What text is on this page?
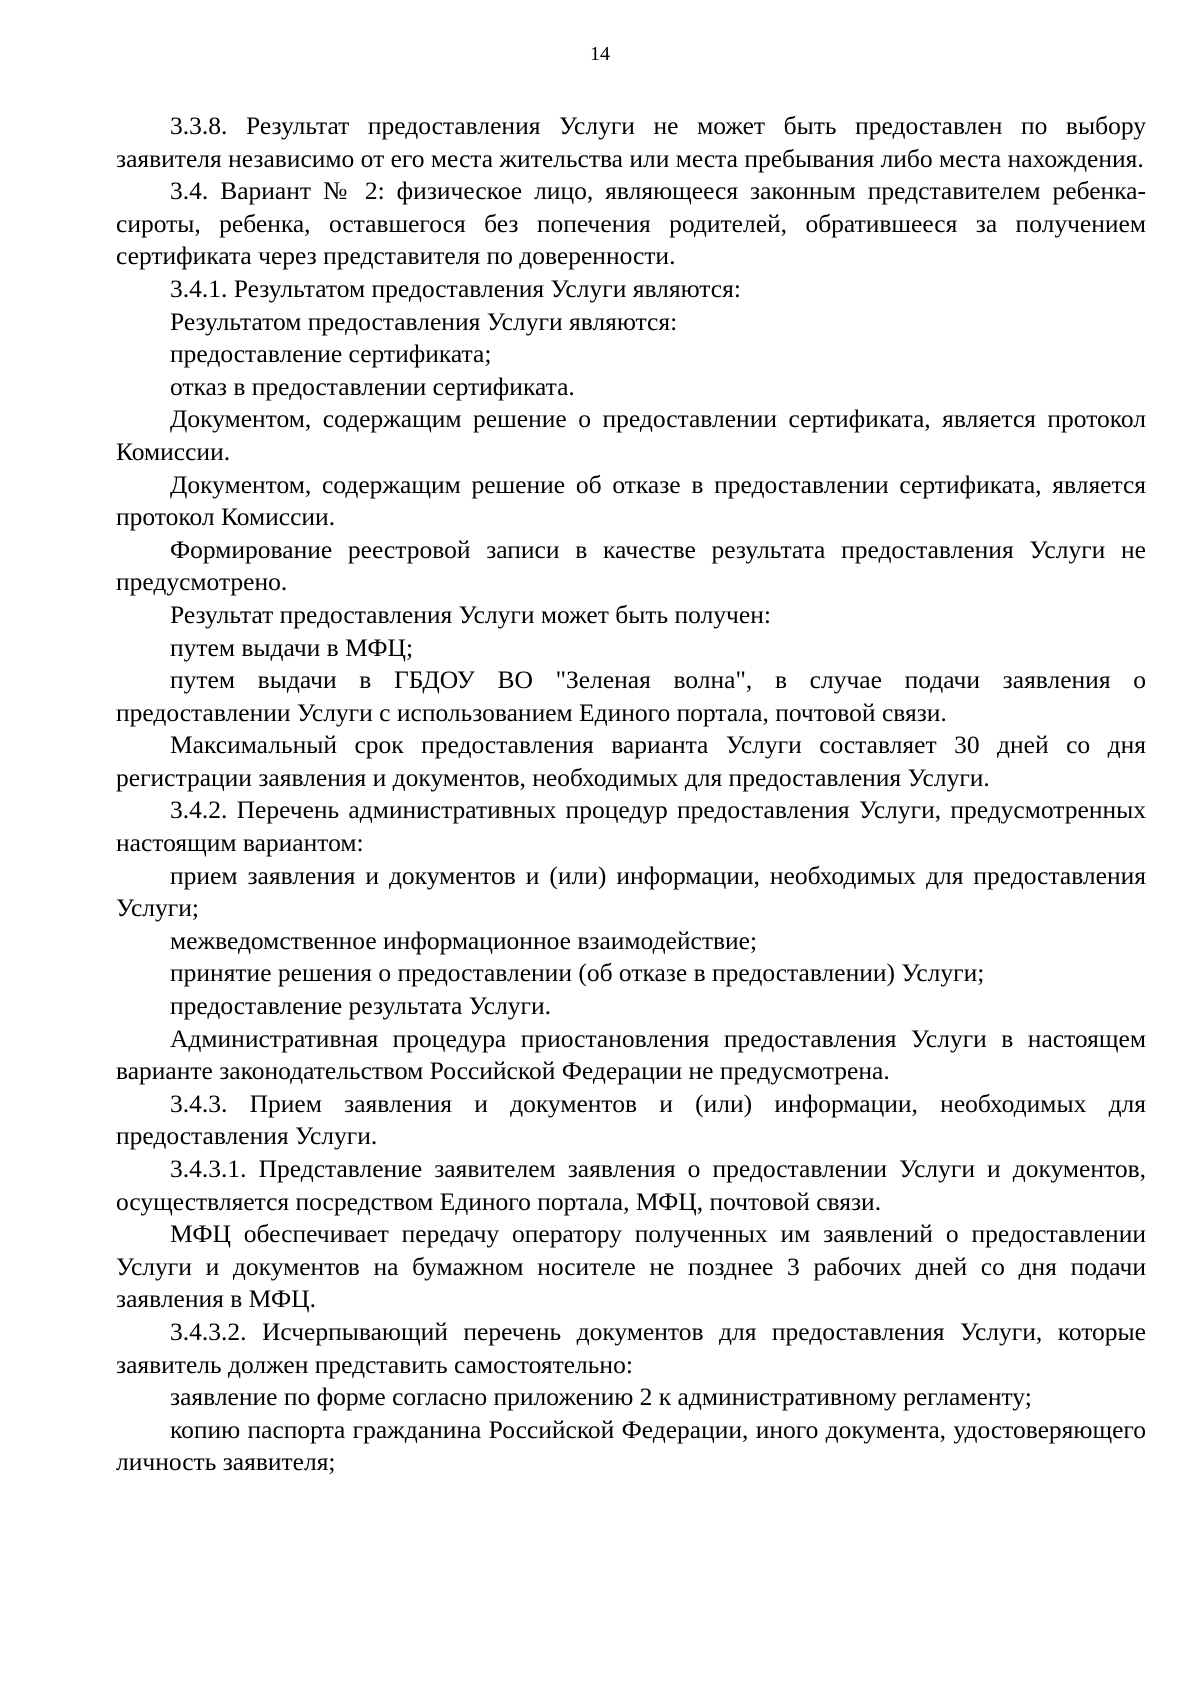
14

3.3.8. Результат предоставления Услуги не может быть предоставлен по выбору заявителя независимо от его места жительства или места пребывания либо места нахождения.

3.4. Вариант № 2: физическое лицо, являющееся законным представителем ребенка-сироты, ребенка, оставшегося без попечения родителей, обратившееся за получением сертификата через представителя по доверенности.

3.4.1. Результатом предоставления Услуги являются:

Результатом предоставления Услуги являются:

предоставление сертификата;

отказ в предоставлении сертификата.

Документом, содержащим решение о предоставлении сертификата, является протокол Комиссии.

Документом, содержащим решение об отказе в предоставлении сертификата, является протокол Комиссии.

Формирование реестровой записи в качестве результата предоставления Услуги не предусмотрено.

Результат предоставления Услуги может быть получен:

путем выдачи в МФЦ;

путем выдачи в ГБДОУ ВО "Зеленая волна", в случае подачи заявления о предоставлении Услуги с использованием Единого портала, почтовой связи.

Максимальный срок предоставления варианта Услуги составляет 30 дней со дня регистрации заявления и документов, необходимых для предоставления Услуги.

3.4.2. Перечень административных процедур предоставления Услуги, предусмотренных настоящим вариантом:

прием заявления и документов и (или) информации, необходимых для предоставления Услуги;

межведомственное информационное взаимодействие;

принятие решения о предоставлении (об отказе в предоставлении) Услуги;

предоставление результата Услуги.

Административная процедура приостановления предоставления Услуги в настоящем варианте законодательством Российской Федерации не предусмотрена.

3.4.3. Прием заявления и документов и (или) информации, необходимых для предоставления Услуги.

3.4.3.1. Представление заявителем заявления о предоставлении Услуги и документов, осуществляется посредством Единого портала, МФЦ, почтовой связи.

МФЦ обеспечивает передачу оператору полученных им заявлений о предоставлении Услуги и документов на бумажном носителе не позднее 3 рабочих дней со дня подачи заявления в МФЦ.

3.4.3.2. Исчерпывающий перечень документов для предоставления Услуги, которые заявитель должен представить самостоятельно:

заявление по форме согласно приложению 2 к административному регламенту;

копию паспорта гражданина Российской Федерации, иного документа, удостоверяющего личность заявителя;
